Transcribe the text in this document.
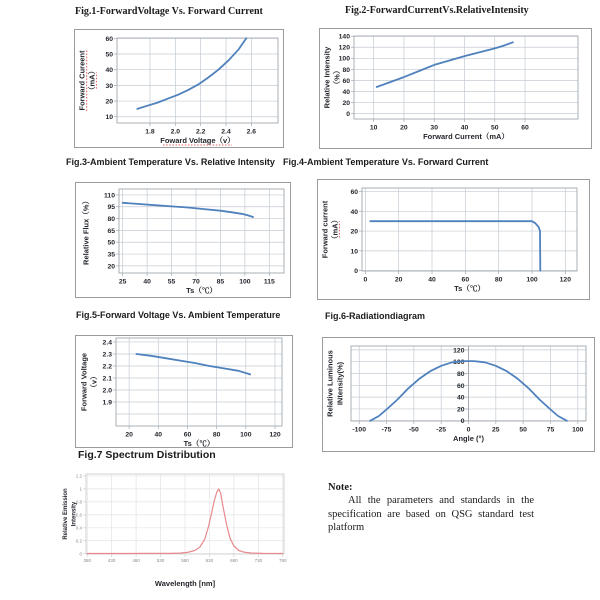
Fig.1-ForwardVoltage Vs. Forward Current	Fig.2-ForwardCurrentVs.RelativeIntensity
Fig.3-Ambient Temperature Vs. Relative Intensity Fig.4-Ambient Temperature Vs. Forward Current
Fig.5-Forward Voltage Vs. Ambient Temperature	Fig.6-Radiationdiagram
Fig.7 Spectrum Distribution
10
20
30
40
50
60
1.8 2.0 2.2 2.4 2.6
Forward Cureent （mA）
Foward Voltage（v）
0
20
40
60
80
100
120
140
10	20	30	40	50	60
Relative Intensity （%）
Forward Current（mA）
20
35
50
65
80
95
110
25 40 55 70 85 100 115
Relative Flux（%）
Ts（℃）
0
10
20
40
60
0	20	40	60	80	100	120
Forward current （mA）
Ts（℃）
1.9
2.0
2.1
2.2
2.3
2.4
20	40	60	80	100	120
Forward Voltage （v）
Ts（℃）
0
20
40
60
80
100
120
-100 -75	-50	-25	0	25	50	75	100
Relative Luminous INtensity(%)
Angle (°)
0
0.2
0.4
0.6
0.8
1
1.2
380	430	480	530	580	630	680	730	780
Relative Emission Intensity
Wavelength [nm]
Note:

All the parameters and standards in the specification are based on QSG standard test platform
